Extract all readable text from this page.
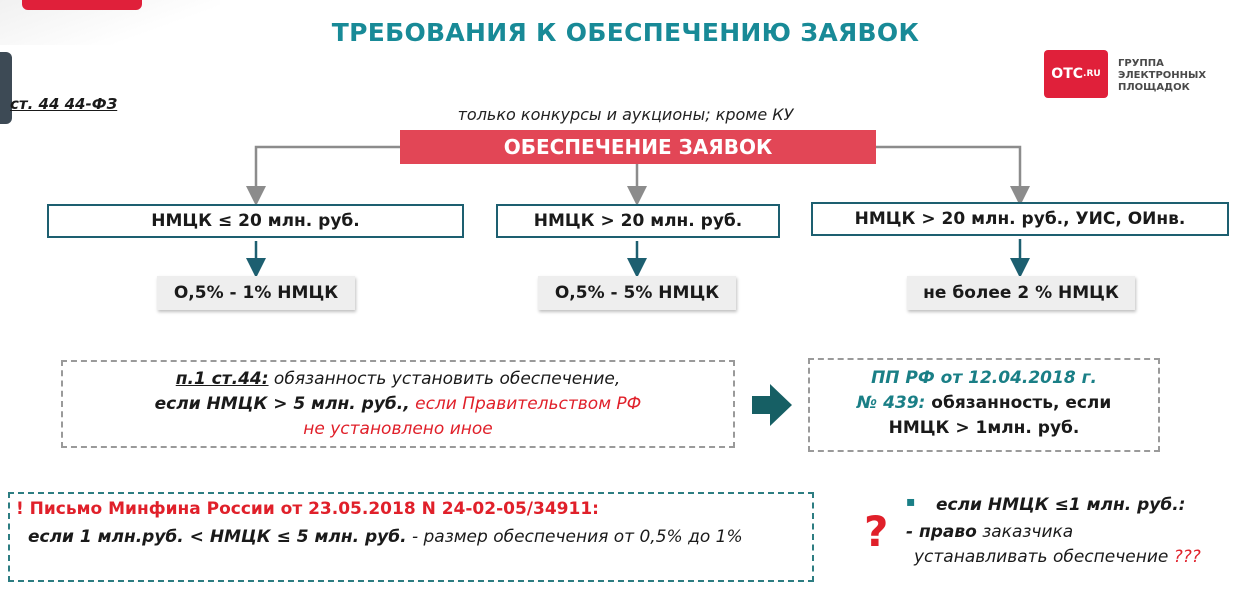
ТРЕБОВАНИЯ К ОБЕСПЕЧЕНИЮ ЗАЯВОК
OTC .RU
ГРУППА
ЭЛЕКТРОННЫХ
ПЛОЩАДОК
ст. 44 44-ФЗ
только конкурсы и аукционы; кроме КУ
ОБЕСПЕЧЕНИЕ ЗАЯВОК
НМЦК ≤ 20 млн. руб.	НМЦК > 20 млн. руб.	НМЦК > 20 млн. руб., УИС, ОИнв.
О,5% - 1% НМЦК	О,5% - 5% НМЦК	не более 2 % НМЦК
п.1 ст.44: обязанность установить обеспечение,
если НМЦК > 5 млн. руб., если Правительством РФ
не установлено иное
ПП РФ от 12.04.2018 г.
№ 439: обязанность, если
НМЦК > 1млн. руб.
! Письмо Минфина России от 23.05.2018 N 24-02-05/34911:
если 1 млн.руб. < НМЦК ≤ 5 млн. руб. - размер обеспечения от 0,5% до 1%	?
▪ если НМЦК ≤1 млн. руб.:
- право заказчика
устанавливать обеспечение ???
